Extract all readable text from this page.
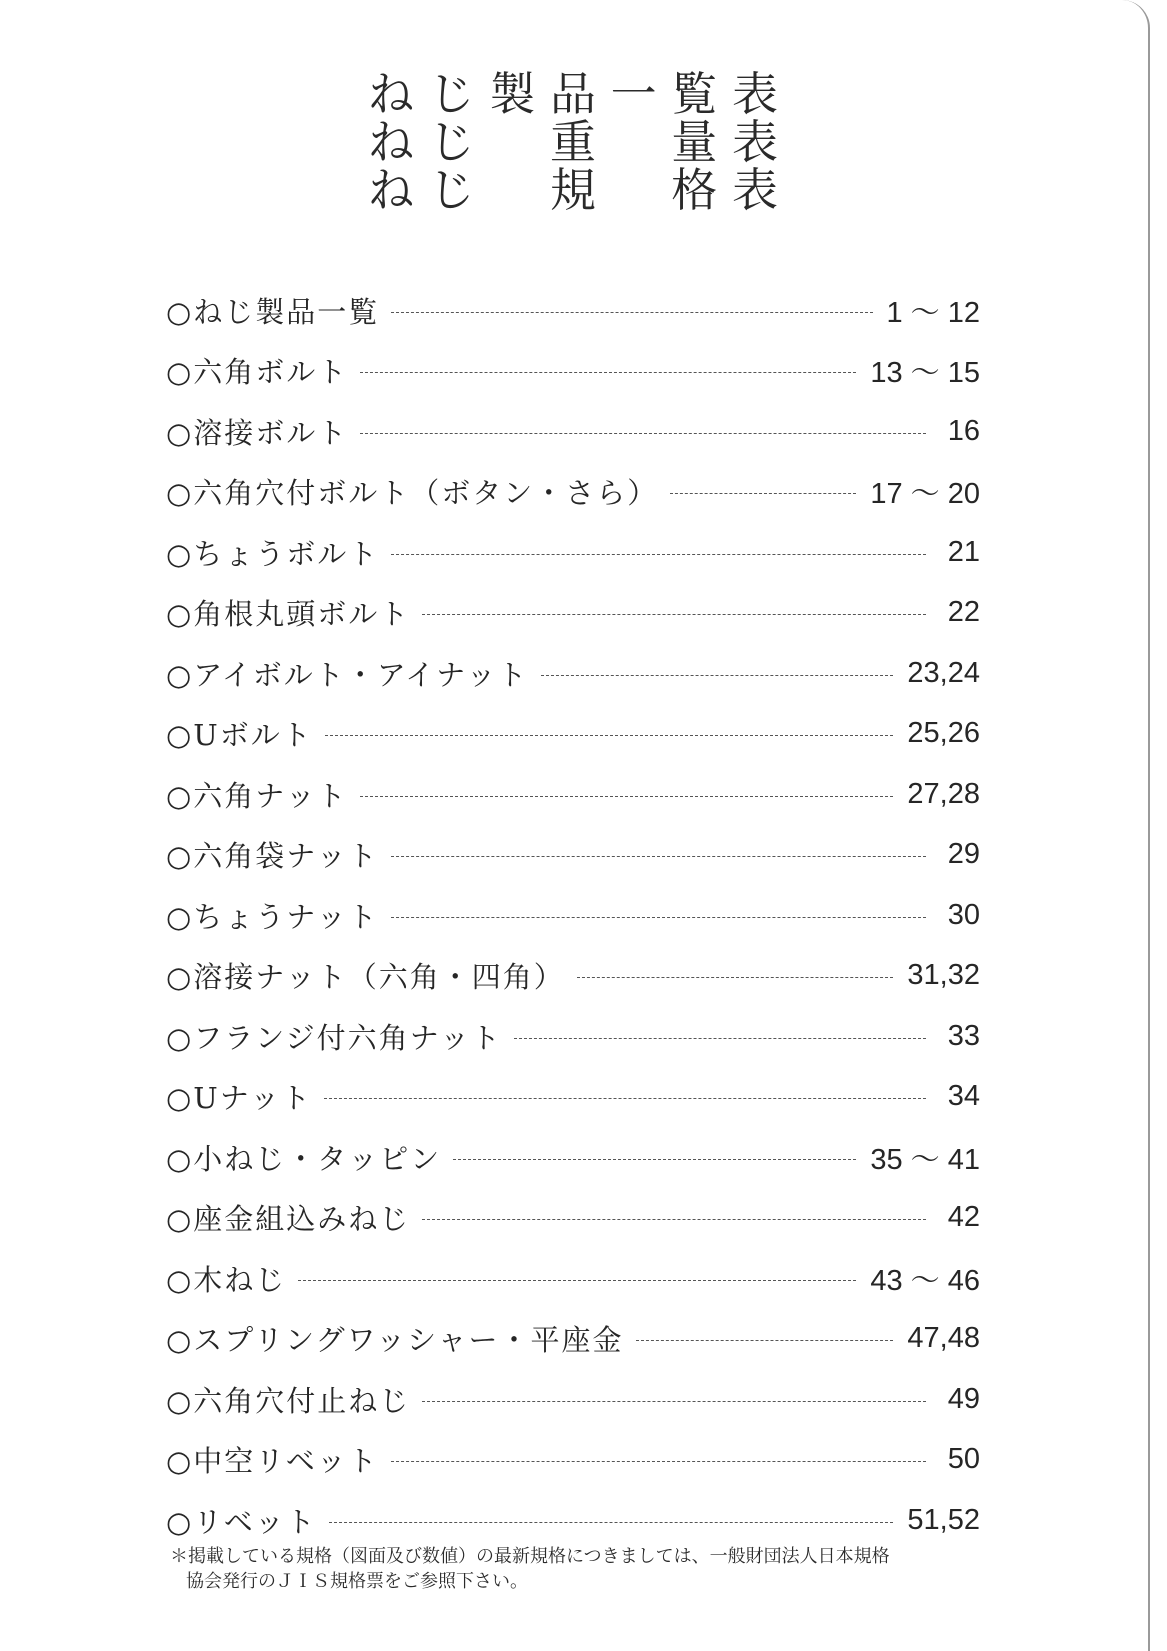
ね じ 製 品 一 覧 表
ね じ 重 量 表
ね じ 規 格 表
○ねじ製品一覧	1 ～ 12
○六角ボルト	13 ～ 15
○溶接ボルト	16
○六角穴付ボルト（ボタン・さら）	17 ～ 20
○ちょうボルト	21
○角根丸頭ボルト	22
○アイボルト・アイナット	23,24
○Uボルト	25,26
○六角ナット	27,28
○六角袋ナット	29
○ちょうナット	30
○溶接ナット（六角・四角）	31,32
○フランジ付六角ナット	33
○Uナット	34
○小ねじ・タッピン	35 ～ 41
○座金組込みねじ	42
○木ねじ	43 ～ 46
○スプリングワッシャー・平座金	47,48
○六角穴付止ねじ	49
○中空リベット	50
○リベット	51,52
＊掲載している規格（図面及び数値）の最新規格につきましては、一般財団法人日本規格
協会発行のＪＩＳ規格票をご参照下さい。
